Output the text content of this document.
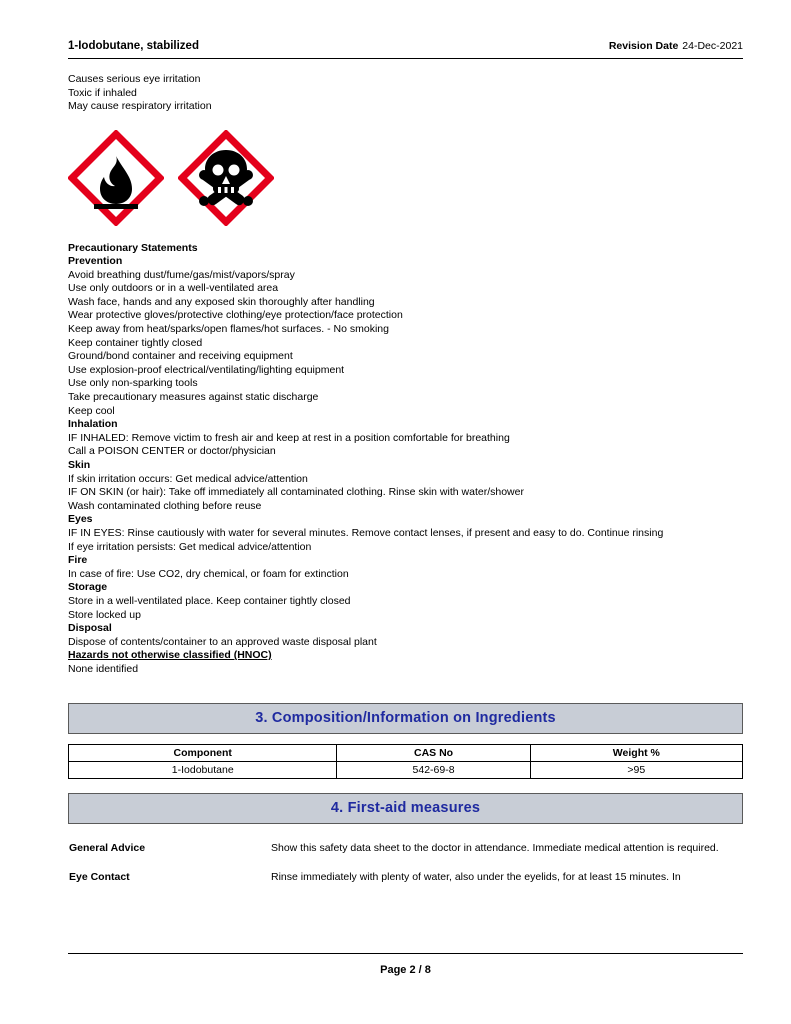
1-Iodobutane, stabilized	Revision Date 24-Dec-2021
Causes serious eye irritation
Toxic if inhaled
May cause respiratory irritation
Precautionary Statements
Prevention
Avoid breathing dust/fume/gas/mist/vapors/spray
Use only outdoors or in a well-ventilated area
Wash face, hands and any exposed skin thoroughly after handling
Wear protective gloves/protective clothing/eye protection/face protection
Keep away from heat/sparks/open flames/hot surfaces. - No smoking
Keep container tightly closed
Ground/bond container and receiving equipment
Use explosion-proof electrical/ventilating/lighting equipment
Use only non-sparking tools
Take precautionary measures against static discharge
Keep cool
Inhalation
IF INHALED: Remove victim to fresh air and keep at rest in a position comfortable for breathing
Call a POISON CENTER or doctor/physician
Skin
If skin irritation occurs: Get medical advice/attention
IF ON SKIN (or hair): Take off immediately all contaminated clothing. Rinse skin with water/shower
Wash contaminated clothing before reuse
Eyes
IF IN EYES: Rinse cautiously with water for several minutes. Remove contact lenses, if present and easy to do. Continue rinsing
If eye irritation persists: Get medical advice/attention
Fire
In case of fire: Use CO2, dry chemical, or foam for extinction
Storage
Store in a well-ventilated place. Keep container tightly closed
Store locked up
Disposal
Dispose of contents/container to an approved waste disposal plant
Hazards not otherwise classified (HNOC)
None identified
3. Composition/Information on Ingredients
Component	CAS No	Weight %
1-Iodobutane	542-69-8	>95
4. First-aid measures
General Advice	Show this safety data sheet to the doctor in attendance. Immediate medical attention is required.
Eye Contact	Rinse immediately with plenty of water, also under the eyelids, for at least 15 minutes. In
Page 2 / 8
